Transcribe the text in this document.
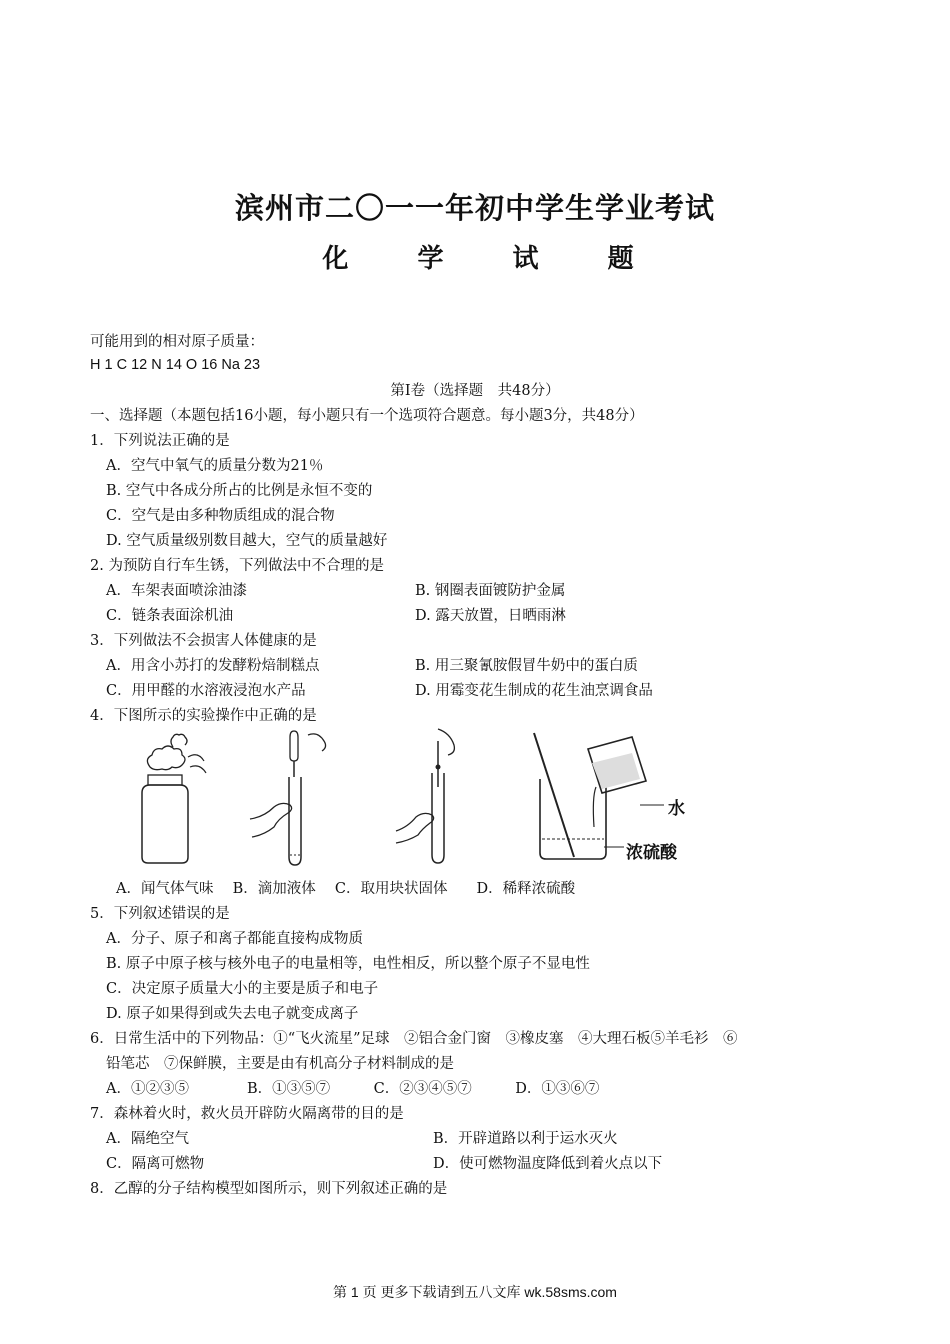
滨州市二〇一一年初中学生学业考试
化 学 试 题
可能用到的相对原子质量：
H 1 C 12 N 14 O 16 Na 23
第Ⅰ卷（选择题　共48分）
一、选择题（本题包括16小题，每小题只有一个选项符合题意。每小题3分，共48分）
1．下列说法正确的是
A．空气中氧气的质量分数为21％
B. 空气中各成分所占的比例是永恒不变的
C．空气是由多种物质组成的混合物
D. 空气质量级别数目越大，空气的质量越好
2. 为预防自行车生锈，下列做法中不合理的是
A．车架表面喷涂油漆	B. 钢圈表面镀防护金属
C．链条表面涂机油	D. 露天放置，日晒雨淋
3．下列做法不会损害人体健康的是
A．用含小苏打的发酵粉焙制糕点	B. 用三聚氰胺假冒牛奶中的蛋白质
C．用甲醛的水溶液浸泡水产品	D. 用霉变花生制成的花生油烹调食品
4．下图所示的实验操作中正确的是
水
浓硫酸
A．闻气体气味　 B．滴加液体　 C．取用块状固体　　D．稀释浓硫酸
5．下列叙述错误的是
A．分子、原子和离子都能直接构成物质
B. 原子中原子核与核外电子的电量相等，电性相反，所以整个原子不显电性
C．决定原子质量大小的主要是质子和电子
D. 原子如果得到或失去电子就变成离子
6．日常生活中的下列物品：①“飞火流星”足球　②铝合金门窗　③橡皮塞　④大理石板⑤羊毛衫　⑥
铅笔芯　⑦保鲜膜，主要是由有机高分子材料制成的是
A．①②③⑤　　　　B．①③⑤⑦　　　C．②③④⑤⑦　　　D．①③⑥⑦
7．森林着火时，救火员开辟防火隔离带的目的是
A．隔绝空气	B．开辟道路以利于运水灭火
C．隔离可燃物	D．使可燃物温度降低到着火点以下
8．乙醇的分子结构模型如图所示，则下列叙述正确的是
第 1 页 更多下载请到五八文库 wk.58sms.com
